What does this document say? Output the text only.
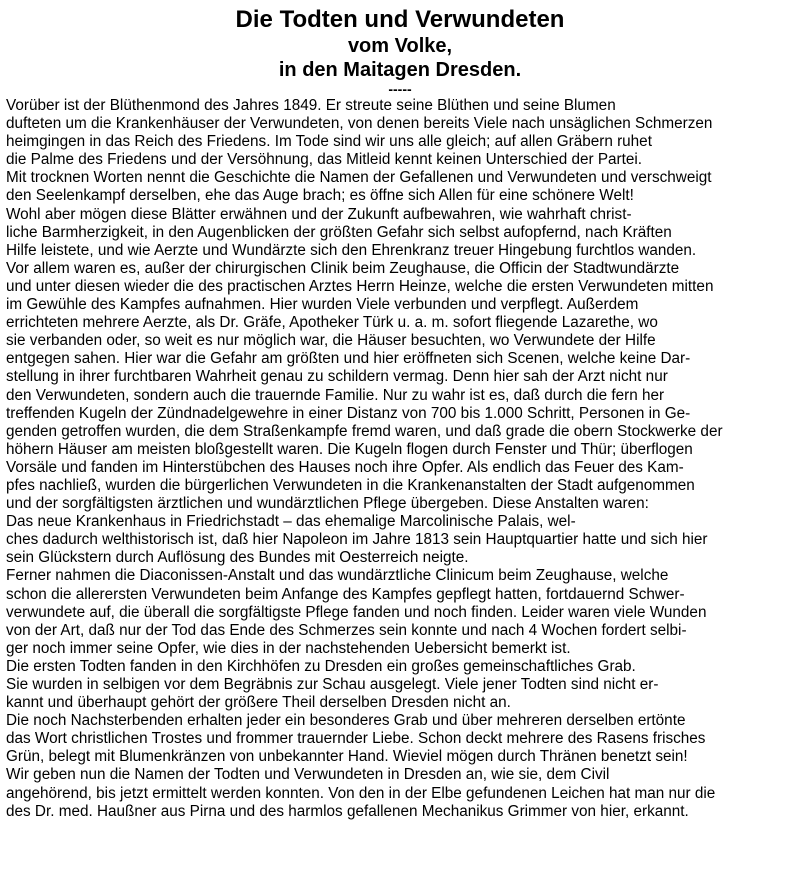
Die Todten und Verwundeten
vom Volke,
in den Maitagen Dresden.
-----
Vorüber ist der Blüthenmond des Jahres 1849. Er streute seine Blüthen und seine Blumen
dufteten um die Krankenhäuser der Verwundeten, von denen bereits Viele nach unsäglichen Schmerzen
heimgingen in das Reich des Friedens. Im Tode sind wir uns alle gleich; auf allen Gräbern ruhet
die Palme des Friedens und der Versöhnung, das Mitleid kennt keinen Unterschied der Partei.
Mit trocknen Worten nennt die Geschichte die Namen der Gefallenen und Verwundeten und verschweigt
den Seelenkampf derselben, ehe das Auge brach; es öffne sich Allen für eine schönere Welt!
Wohl aber mögen diese Blätter erwähnen und der Zukunft aufbewahren, wie wahrhaft christ-
liche Barmherzigkeit, in den Augenblicken der größten Gefahr sich selbst aufopfernd, nach Kräften
Hilfe leistete, und wie Aerzte und Wundärzte sich den Ehrenkranz treuer Hingebung furchtlos wanden.
Vor allem waren es, außer der chirurgischen Clinik beim Zeughause, die Officin der Stadtwundärzte
und unter diesen wieder die des practischen Arztes Herrn Heinze, welche die ersten Verwundeten mitten
im Gewühle des Kampfes aufnahmen. Hier wurden Viele verbunden und verpflegt. Außerdem
errichteten mehrere Aerzte, als Dr. Gräfe, Apotheker Türk u. a. m. sofort fliegende Lazarethe, wo
sie verbanden oder, so weit es nur möglich war, die Häuser besuchten, wo Verwundete der Hilfe
entgegen sahen. Hier war die Gefahr am größten und hier eröffneten sich Scenen, welche keine Dar-
stellung in ihrer furchtbaren Wahrheit genau zu schildern vermag. Denn hier sah der Arzt nicht nur
den Verwundeten, sondern auch die trauernde Familie. Nur zu wahr ist es, daß durch die fern her
treffenden Kugeln der Zündnadelgewehre in einer Distanz von 700 bis 1.000 Schritt, Personen in Ge-
genden getroffen wurden, die dem Straßenkampfe fremd waren, und daß grade die obern Stockwerke der
höhern Häuser am meisten bloßgestellt waren. Die Kugeln flogen durch Fenster und Thür; überflogen
Vorsäle und fanden im Hinterstübchen des Hauses noch ihre Opfer. Als endlich das Feuer des Kam-
pfes nachließ, wurden die bürgerlichen Verwundeten in die Krankenanstalten der Stadt aufgenommen
und der sorgfältigsten ärztlichen und wundärztlichen Pflege übergeben. Diese Anstalten waren:
Das neue Krankenhaus in Friedrichstadt – das ehemalige Marcolinische Palais, wel-
ches dadurch welthistorisch ist, daß hier Napoleon im Jahre 1813 sein Hauptquartier hatte und sich hier
sein Glückstern durch Auflösung des Bundes mit Oesterreich neigte.
Ferner nahmen die Diaconissen-Anstalt und das wundärztliche Clinicum beim Zeughause, welche
schon die allerersten Verwundeten beim Anfange des Kampfes gepflegt hatten, fortdauernd Schwer-
verwundete auf, die überall die sorgfältigste Pflege fanden und noch finden. Leider waren viele Wunden
von der Art, daß nur der Tod das Ende des Schmerzes sein konnte und nach 4 Wochen fordert selbi-
ger noch immer seine Opfer, wie dies in der nachstehenden Uebersicht bemerkt ist.
Die ersten Todten fanden in den Kirchhöfen zu Dresden ein großes gemeinschaftliches Grab.
Sie wurden in selbigen vor dem Begräbnis zur Schau ausgelegt. Viele jener Todten sind nicht er-
kannt und überhaupt gehört der größere Theil derselben Dresden nicht an.
Die noch Nachsterbenden erhalten jeder ein besonderes Grab und über mehreren derselben ertönte
das Wort christlichen Trostes und frommer trauernder Liebe. Schon deckt mehrere des Rasens frisches
Grün, belegt mit Blumenkränzen von unbekannter Hand. Wieviel mögen durch Thränen benetzt sein!
Wir geben nun die Namen der Todten und Verwundeten in Dresden an, wie sie, dem Civil
angehörend, bis jetzt ermittelt werden konnten. Von den in der Elbe gefundenen Leichen hat man nur die
des Dr. med. Haußner aus Pirna und des harmlos gefallenen Mechanikus Grimmer von hier, erkannt.
